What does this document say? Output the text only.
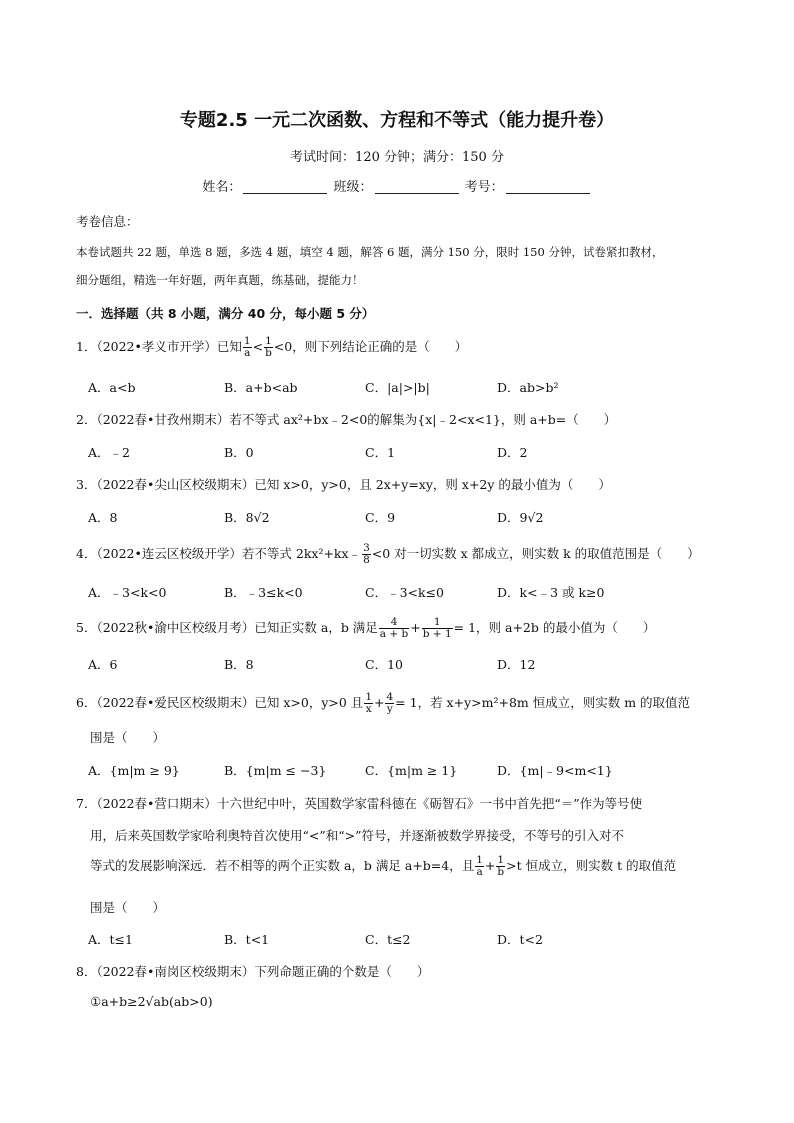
专题2.5 一元二次函数、方程和不等式（能力提升卷）
考试时间：120 分钟；满分：150 分
姓名：	班级：	考号：
考卷信息：
本卷试题共 22 题，单选 8 题，多选 4 题，填空 4 题，解答 6 题，满分 150 分，限时 150 分钟，试卷紧扣教材，
细分题组，精选一年好题，两年真题，练基础，提能力！
一．选择题（共 8 小题，满分 40 分，每小题 5 分）
1．（2022•孝义市开学）已知 $\frac{1}{a} < \frac{1}{b} <0$，则下列结论正确的是（　　）
A．a<b	B．a+b<ab	C．|a|>|b|	D．ab>b²
2．（2022春•甘孜州期末）若不等式 ax²+bx﹣2<0的解集为{x|﹣2<x<1}，则 a+b=（　　）
A．﹣2	B．0	C．1	D．2
3．（2022春•尖山区校级期末）已知 x>0，y>0，且 2x+y=xy，则 x+2y 的最小值为（　　）
A．8	B．8√2	C．9	D．9√2
4．（2022•连云区校级开学）若不等式 2kx²+kx﹣ $\frac{3}{8} <0$ 对一切实数 x 都成立，则实数 k 的取值范围是（　　）
A．﹣3<k<0	B．﹣3≤k<0	C．﹣3<k≤0	D．k<﹣3 或 k≥0
5．（2022秋•渝中区校级月考）已知正实数 a，b 满足 $\frac{4}{a + b} + \frac{1}{b + 1} = 1$，则 a+2b 的最小值为（　　）
A．6	B．8	C．10	D．12
6．（2022春•爱民区校级期末）已知 x>0，y>0 且 $\frac{1}{x} + \frac{4}{y} = 1$，若 x+y>m²+8m 恒成立，则实数 m 的取值范
围是（　　）
A．{m|m ≥ 9}	B．{m|m ≤ −3}	C．{m|m ≥ 1}	D．{m|﹣9<m<1}
7．（2022春•营口期末）十六世纪中叶，英国数学家雷科德在《砺智石》一书中首先把“＝”作为等号使
用，后来英国数学家哈利奥特首次使用“<”和“>”符号，并逐渐被数学界接受，不等号的引入对不
等式的发展影响深远．若不相等的两个正实数 a，b 满足 a+b=4，且 $\frac{1}{a} + \frac{1}{b} >t$ 恒成立，则实数 t 的取值范
围是（　　）
A．t≤1	B．t<1	C．t≤2	D．t<2
8．（2022春•南岗区校级期末）下列命题正确的个数是（　　）
①a+b≥2√ab(ab>0)
